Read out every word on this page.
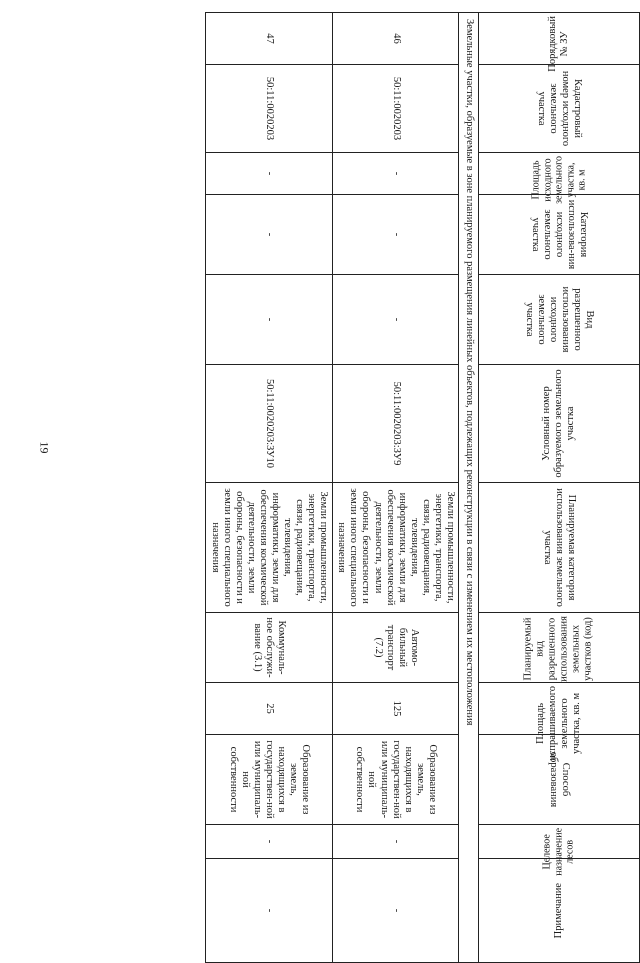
19
Порядковый № ЗУ	Кадастровый номер исходного земельного участка	Площадь исходного земельного участка, кв. м	Категория использова-ния исходного земельного участка	Вид разрешенного использования исходного земельного участка	Условный номер образуемого земельного участка	Планируемая категория использования земельного участка	Планируемый вид разрешенного использования земельных участков (код)	Площадь испрашиваемого земельного участка, кв. м	Способ образования	Целевое назначение лесов	Примечание
Земельные участки, образуемые в зоне планируемого размещения линейных объектов, подлежащих реконструкции в связи с изменением их местоположения											
46	50:11:0020203	-	-	-	50:11:0020203:ЗУ9	Земли промышленности, энергетики, транспорта, связи, радиовещания, телевидения, информатики, земли для обеспечения космической деятельности, земли обороны, безопасности и земли иного специального назначения	Автомо-бильный транспорт (7.2)	125	Образование из земель, находящихся в государствен-ной или муниципаль-ной собственности	-	-
47	50:11:0020203	-	-	-	50:11:0020203:ЗУ10	Земли промышленности, энергетики, транспорта, связи, радиовещания, телевидения, информатики, земли для обеспечения космической деятельности, земли обороны, безопасности и земли иного специального назначения	Коммуналь-ное обслужи-вание (3.1)	25	Образование из земель, находящихся в государствен-ной или муниципаль-ной собственности	-	-
